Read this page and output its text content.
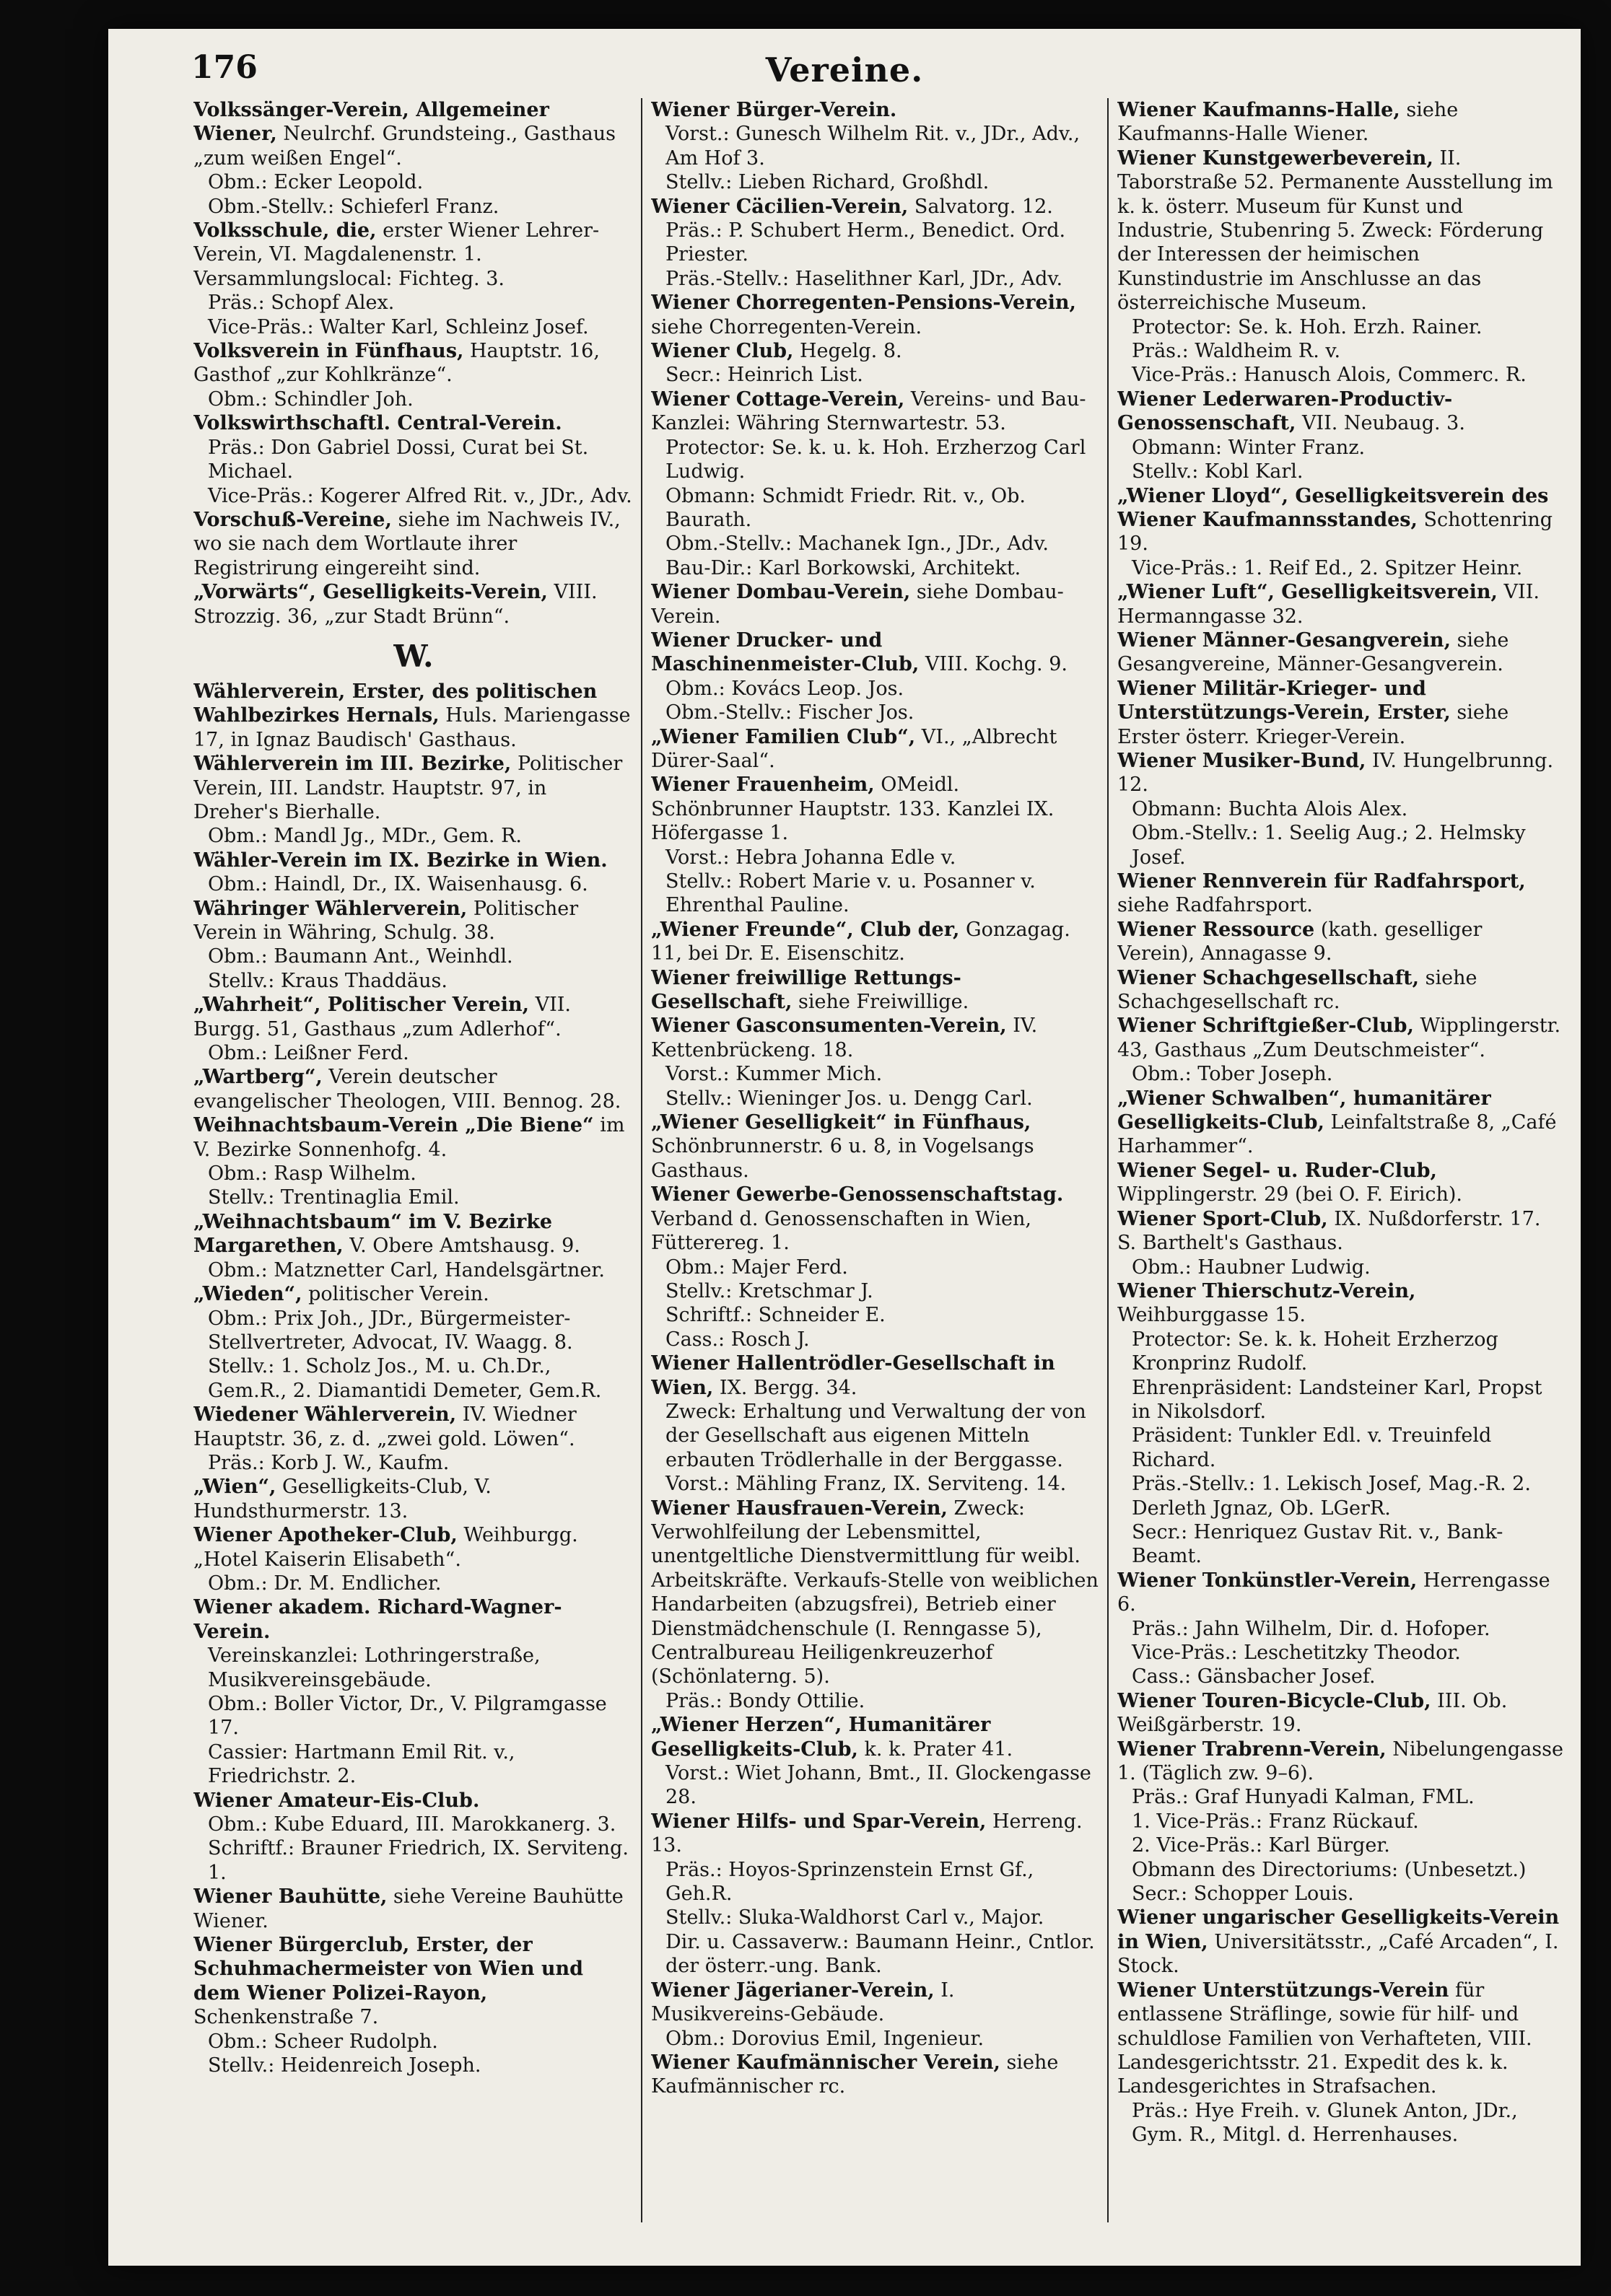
176	Vereine.
Volkssänger-Verein, Allgemeiner Wiener, Neulrchf. Grundsteing., Gasthaus „zum weißen Engel“.
Obm.: Ecker Leopold.
Obm.-Stellv.: Schieferl Franz.
Volksschule, die, erster Wiener Lehrer-Verein, VI. Magdalenenstr. 1. Versammlungslocal: Fichteg. 3.
Präs.: Schopf Alex.
Vice-Präs.: Walter Karl, Schleinz Josef.
Volksverein in Fünfhaus, Hauptstr. 16, Gasthof „zur Kohlkränze“.
Obm.: Schindler Joh.
Volkswirthschaftl. Central-Verein.
Präs.: Don Gabriel Dossi, Curat bei St. Michael.
Vice-Präs.: Kogerer Alfred Rit. v., JDr., Adv.
Vorschuß-Vereine, siehe im Nachweis IV., wo sie nach dem Wortlaute ihrer Registrirung eingereiht sind.
„Vorwärts“, Geselligkeits-Verein, VIII. Strozzig. 36, „zur Stadt Brünn“.
W.
Wählerverein, Erster, des politischen Wahlbezirkes Hernals, Huls. Mariengasse 17, in Ignaz Baudisch' Gasthaus.
Wählerverein im III. Bezirke, Politischer Verein, III. Landstr. Hauptstr. 97, in Dreher's Bierhalle.
Obm.: Mandl Jg., MDr., Gem. R.
Wähler-Verein im IX. Bezirke in Wien.
Obm.: Haindl, Dr., IX. Waisenhausg. 6.
Währinger Wählerverein, Politischer Verein in Währing, Schulg. 38.
Obm.: Baumann Ant., Weinhdl.
Stellv.: Kraus Thaddäus.
„Wahrheit“, Politischer Verein, VII. Burgg. 51, Gasthaus „zum Adlerhof“.
Obm.: Leißner Ferd.
„Wartberg“, Verein deutscher evangelischer Theologen, VIII. Bennog. 28.
Weihnachtsbaum-Verein „Die Biene“ im V. Bezirke Sonnenhofg. 4.
Obm.: Rasp Wilhelm.
Stellv.: Trentinaglia Emil.
„Weihnachtsbaum“ im V. Bezirke Margarethen, V. Obere Amtshausg. 9.
Obm.: Matznetter Carl, Handelsgärtner.
„Wieden“, politischer Verein.
Obm.: Prix Joh., JDr., Bürgermeister-Stellvertreter, Advocat, IV. Waagg. 8.
Stellv.: 1. Scholz Jos., M. u. Ch.Dr., Gem.R., 2. Diamantidi Demeter, Gem.R.
Wiedener Wählerverein, IV. Wiedner Hauptstr. 36, z. d. „zwei gold. Löwen“.
Präs.: Korb J. W., Kaufm.
„Wien“, Geselligkeits-Club, V. Hundsthurmerstr. 13.
Wiener Apotheker-Club, Weihburgg. „Hotel Kaiserin Elisabeth“.
Obm.: Dr. M. Endlicher.
Wiener akadem. Richard-Wagner-Verein.
Vereinskanzlei: Lothringerstraße, Musikvereinsgebäude.
Obm.: Boller Victor, Dr., V. Pilgramgasse 17.
Cassier: Hartmann Emil Rit. v., Friedrichstr. 2.
Wiener Amateur-Eis-Club.
Obm.: Kube Eduard, III. Marokkanerg. 3.
Schriftf.: Brauner Friedrich, IX. Serviteng. 1.
Wiener Bauhütte, siehe Vereine Bauhütte Wiener.
Wiener Bürgerclub, Erster, der Schuhmachermeister von Wien und dem Wiener Polizei-Rayon, Schenkenstraße 7.
Obm.: Scheer Rudolph.
Stellv.: Heidenreich Joseph.
Wiener Bürger-Verein.
Vorst.: Gunesch Wilhelm Rit. v., JDr., Adv., Am Hof 3.
Stellv.: Lieben Richard, Großhdl.
Wiener Cäcilien-Verein, Salvatorg. 12.
Präs.: P. Schubert Herm., Benedict. Ord. Priester.
Präs.-Stellv.: Haselithner Karl, JDr., Adv.
Wiener Chorregenten-Pensions-Verein, siehe Chorregenten-Verein.
Wiener Club, Hegelg. 8.
Secr.: Heinrich List.
Wiener Cottage-Verein, Vereins- und Bau-Kanzlei: Währing Sternwartestr. 53.
Protector: Se. k. u. k. Hoh. Erzherzog Carl Ludwig.
Obmann: Schmidt Friedr. Rit. v., Ob. Baurath.
Obm.-Stellv.: Machanek Ign., JDr., Adv.
Bau-Dir.: Karl Borkowski, Architekt.
Wiener Dombau-Verein, siehe Dombau-Verein.
Wiener Drucker- und Maschinenmeister-Club, VIII. Kochg. 9.
Obm.: Kovács Leop. Jos.
Obm.-Stellv.: Fischer Jos.
„Wiener Familien Club“, VI., „Albrecht Dürer-Saal“.
Wiener Frauenheim, OMeidl. Schönbrunner Hauptstr. 133. Kanzlei IX. Höfergasse 1.
Vorst.: Hebra Johanna Edle v.
Stellv.: Robert Marie v. u. Posanner v. Ehrenthal Pauline.
„Wiener Freunde“, Club der, Gonzagag. 11, bei Dr. E. Eisenschitz.
Wiener freiwillige Rettungs-Gesellschaft, siehe Freiwillige.
Wiener Gasconsumenten-Verein, IV. Kettenbrückeng. 18.
Vorst.: Kummer Mich.
Stellv.: Wieninger Jos. u. Dengg Carl.
„Wiener Geselligkeit“ in Fünfhaus, Schönbrunnerstr. 6 u. 8, in Vogelsangs Gasthaus.
Wiener Gewerbe-Genossenschaftstag. Verband d. Genossenschaften in Wien, Fütterereg. 1.
Obm.: Majer Ferd.
Stellv.: Kretschmar J.
Schriftf.: Schneider E.
Cass.: Rosch J.
Wiener Hallentrödler-Gesellschaft in Wien, IX. Bergg. 34.
Zweck: Erhaltung und Verwaltung der von der Gesellschaft aus eigenen Mitteln erbauten Trödlerhalle in der Berggasse.
Vorst.: Mähling Franz, IX. Serviteng. 14.
Wiener Hausfrauen-Verein, Zweck: Verwohlfeilung der Lebensmittel, unentgeltliche Dienstvermittlung für weibl. Arbeitskräfte. Verkaufs-Stelle von weiblichen Handarbeiten (abzugsfrei), Betrieb einer Dienstmädchenschule (I. Renngasse 5), Centralbureau Heiligenkreuzerhof (Schönlaterng. 5).
Präs.: Bondy Ottilie.
„Wiener Herzen“, Humanitärer Geselligkeits-Club, k. k. Prater 41.
Vorst.: Wiet Johann, Bmt., II. Glockengasse 28.
Wiener Hilfs- und Spar-Verein, Herreng. 13.
Präs.: Hoyos-Sprinzenstein Ernst Gf., Geh.R.
Stellv.: Sluka-Waldhorst Carl v., Major.
Dir. u. Cassaverw.: Baumann Heinr., Cntlor. der österr.-ung. Bank.
Wiener Jägerianer-Verein, I. Musikvereins-Gebäude.
Obm.: Dorovius Emil, Ingenieur.
Wiener Kaufmännischer Verein, siehe Kaufmännischer rc.
Wiener Kaufmanns-Halle, siehe Kaufmanns-Halle Wiener.
Wiener Kunstgewerbeverein, II. Taborstraße 52. Permanente Ausstellung im k. k. österr. Museum für Kunst und Industrie, Stubenring 5. Zweck: Förderung der Interessen der heimischen Kunstindustrie im Anschlusse an das österreichische Museum.
Protector: Se. k. Hoh. Erzh. Rainer.
Präs.: Waldheim R. v.
Vice-Präs.: Hanusch Alois, Commerc. R.
Wiener Lederwaren-Productiv-Genossenschaft, VII. Neubaug. 3.
Obmann: Winter Franz.
Stellv.: Kobl Karl.
„Wiener Lloyd“, Geselligkeitsverein des Wiener Kaufmannsstandes, Schottenring 19.
Vice-Präs.: 1. Reif Ed., 2. Spitzer Heinr.
„Wiener Luft“, Geselligkeitsverein, VII. Hermanngasse 32.
Wiener Männer-Gesangverein, siehe Gesangvereine, Männer-Gesangverein.
Wiener Militär-Krieger- und Unterstützungs-Verein, Erster, siehe Erster österr. Krieger-Verein.
Wiener Musiker-Bund, IV. Hungelbrunng. 12.
Obmann: Buchta Alois Alex.
Obm.-Stellv.: 1. Seelig Aug.; 2. Helmsky Josef.
Wiener Rennverein für Radfahrsport, siehe Radfahrsport.
Wiener Ressource (kath. geselliger Verein), Annagasse 9.
Wiener Schachgesellschaft, siehe Schachgesellschaft rc.
Wiener Schriftgießer-Club, Wipplingerstr. 43, Gasthaus „Zum Deutschmeister“.
Obm.: Tober Joseph.
„Wiener Schwalben“, humanitärer Geselligkeits-Club, Leinfaltstraße 8, „Café Harhammer“.
Wiener Segel- u. Ruder-Club, Wipplingerstr. 29 (bei O. F. Eirich).
Wiener Sport-Club, IX. Nußdorferstr. 17. S. Barthelt's Gasthaus.
Obm.: Haubner Ludwig.
Wiener Thierschutz-Verein, Weihburggasse 15.
Protector: Se. k. k. Hoheit Erzherzog Kronprinz Rudolf.
Ehrenpräsident: Landsteiner Karl, Propst in Nikolsdorf.
Präsident: Tunkler Edl. v. Treuinfeld Richard.
Präs.-Stellv.: 1. Lekisch Josef, Mag.-R. 2. Derleth Jgnaz, Ob. LGerR.
Secr.: Henriquez Gustav Rit. v., Bank-Beamt.
Wiener Tonkünstler-Verein, Herrengasse 6.
Präs.: Jahn Wilhelm, Dir. d. Hofoper.
Vice-Präs.: Leschetitzky Theodor.
Cass.: Gänsbacher Josef.
Wiener Touren-Bicycle-Club, III. Ob. Weißgärberstr. 19.
Wiener Trabrenn-Verein, Nibelungengasse 1. (Täglich zw. 9–6).
Präs.: Graf Hunyadi Kalman, FML.
1. Vice-Präs.: Franz Rückauf.
2. Vice-Präs.: Karl Bürger.
Obmann des Directoriums: (Unbesetzt.)
Secr.: Schopper Louis.
Wiener ungarischer Geselligkeits-Verein in Wien, Universitätsstr., „Café Arcaden“, I. Stock.
Wiener Unterstützungs-Verein für entlassene Sträflinge, sowie für hilf- und schuldlose Familien von Verhafteten, VIII. Landesgerichtsstr. 21. Expedit des k. k. Landesgerichtes in Strafsachen.
Präs.: Hye Freih. v. Glunek Anton, JDr., Gym. R., Mitgl. d. Herrenhauses.
